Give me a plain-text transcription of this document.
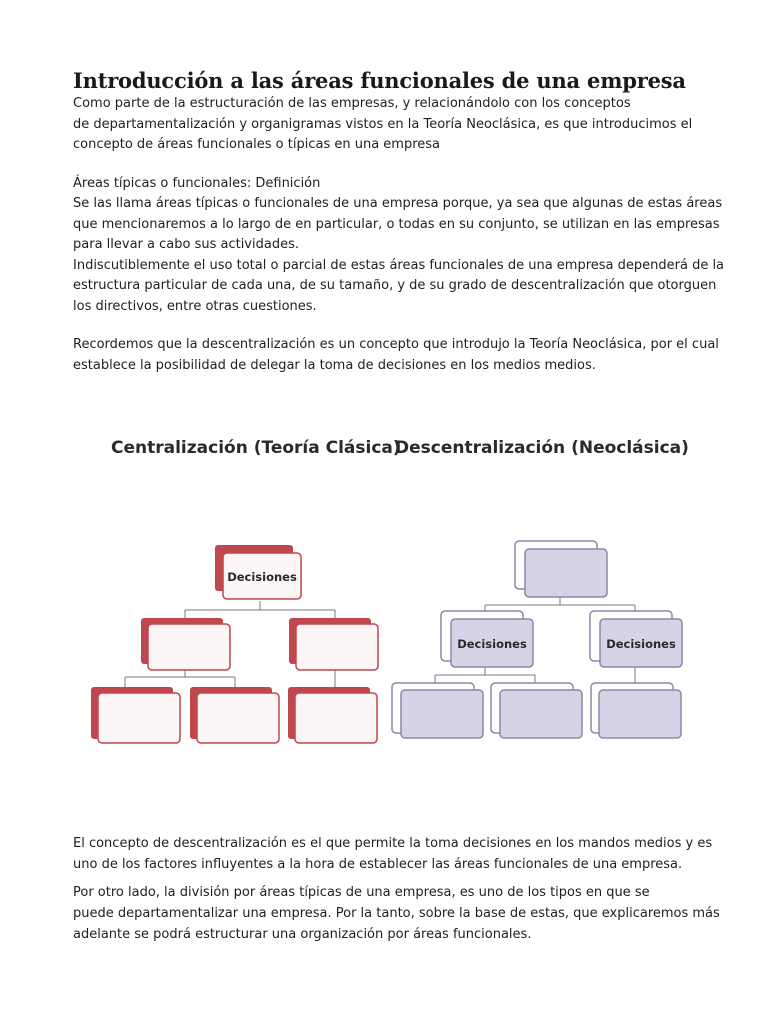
Introducción a las áreas funcionales de una empresa

Como parte de la estructuración de las empresas, y relacionándolo con los conceptos

de departamentalización y organigramas vistos en la Teoría Neoclásica, es que introducimos el

concepto de áreas funcionales o típicas en una empresa

Áreas típicas o funcionales: Definición

Se las llama áreas típicas o funcionales de una empresa porque, ya sea que algunas de estas áreas

que mencionaremos a lo largo de en particular, o todas en su conjunto, se utilizan en las empresas

para llevar a cabo sus actividades.

Indiscutiblemente el uso total o parcial de estas áreas funcionales de una empresa dependerá de la

estructura particular de cada una, de su tamaño, y de su grado de descentralización que otorguen

los directivos, entre otras cuestiones.

Recordemos que la descentralización es un concepto que introdujo la Teoría Neoclásica, por el cual

establece la posibilidad de delegar la toma de decisiones en los medios medios.

Centralización (Teoría Clásica)
Descentralización (Neoclásica)
Decisiones
Decisiones	Decisiones

El concepto de descentralización es el que permite la toma decisiones en los mandos medios y es

uno de los factores influyentes a la hora de establecer las áreas funcionales de una empresa.

Por otro lado, la división por áreas típicas de una empresa, es uno de los tipos en que se

puede departamentalizar una empresa. Por la tanto, sobre la base de estas, que explicaremos más

adelante se podrá estructurar una organización por áreas funcionales.
